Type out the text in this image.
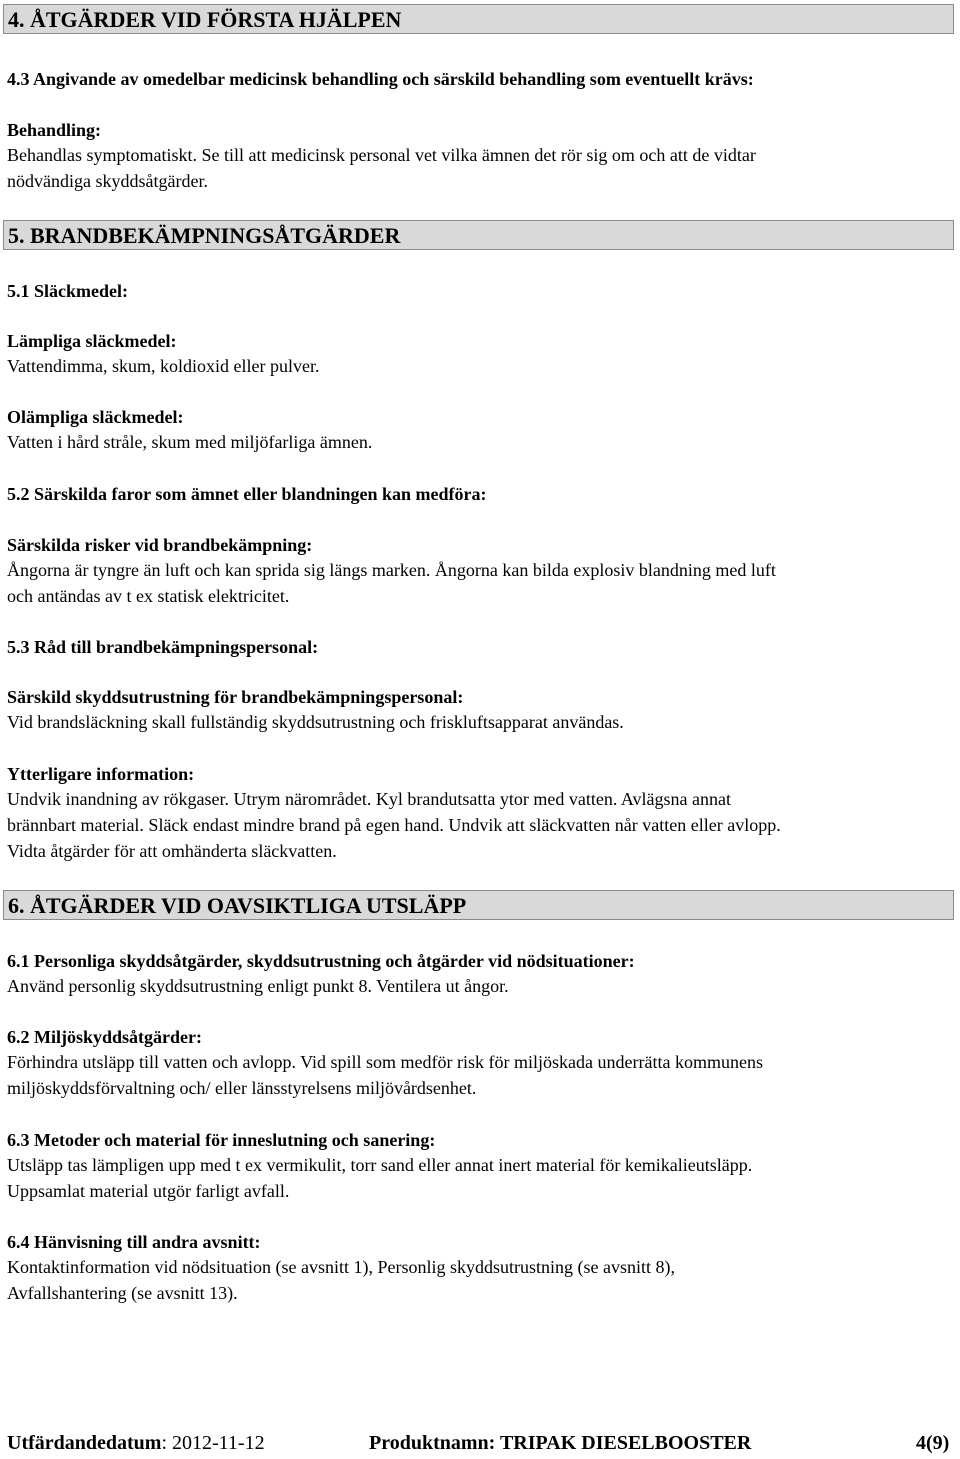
4. ÅTGÄRDER VID FÖRSTA HJÄLPEN
4.3 Angivande av omedelbar medicinsk behandling och särskild behandling som eventuellt krävs:
Behandling:
Behandlas symptomatiskt. Se till att medicinsk personal vet vilka ämnen det rör sig om och att de vidtar
nödvändiga skyddsåtgärder.
5. BRANDBEKÄMPNINGSÅTGÄRDER
5.1 Släckmedel:
Lämpliga släckmedel:
Vattendimma, skum, koldioxid eller pulver.
Olämpliga släckmedel:
Vatten i hård stråle, skum med miljöfarliga ämnen.
5.2 Särskilda faror som ämnet eller blandningen kan medföra:
Särskilda risker vid brandbekämpning:
Ångorna är tyngre än luft och kan sprida sig längs marken. Ångorna kan bilda explosiv blandning med luft
och antändas av t ex statisk elektricitet.
5.3 Råd till brandbekämpningspersonal:
Särskild skyddsutrustning för brandbekämpningspersonal:
Vid brandsläckning skall fullständig skyddsutrustning och friskluftsapparat användas.
Ytterligare information:
Undvik inandning av rökgaser. Utrym närområdet. Kyl brandutsatta ytor med vatten. Avlägsna annat
brännbart material. Släck endast mindre brand på egen hand. Undvik att släckvatten når vatten eller avlopp.
Vidta åtgärder för att omhänderta släckvatten.
6. ÅTGÄRDER VID OAVSIKTLIGA UTSLÄPP
6.1 Personliga skyddsåtgärder, skyddsutrustning och åtgärder vid nödsituationer:
Använd personlig skyddsutrustning enligt punkt 8. Ventilera ut ångor.
6.2 Miljöskyddsåtgärder:
Förhindra utsläpp till vatten och avlopp. Vid spill som medför risk för miljöskada underrätta kommunens
miljöskyddsförvaltning och/ eller länsstyrelsens miljövårdsenhet.
6.3 Metoder och material för inneslutning och sanering:
Utsläpp tas lämpligen upp med t ex vermikulit, torr sand eller annat inert material för kemikalieutsläpp.
Uppsamlat material utgör farligt avfall.
6.4 Hänvisning till andra avsnitt:
Kontaktinformation vid nödsituation (se avsnitt 1), Personlig skyddsutrustning (se avsnitt 8),
Avfallshantering (se avsnitt 13).
Utfärdandedatum: 2012-11-12	Produktnamn: TRIPAK DIESELBOOSTER	4(9)
